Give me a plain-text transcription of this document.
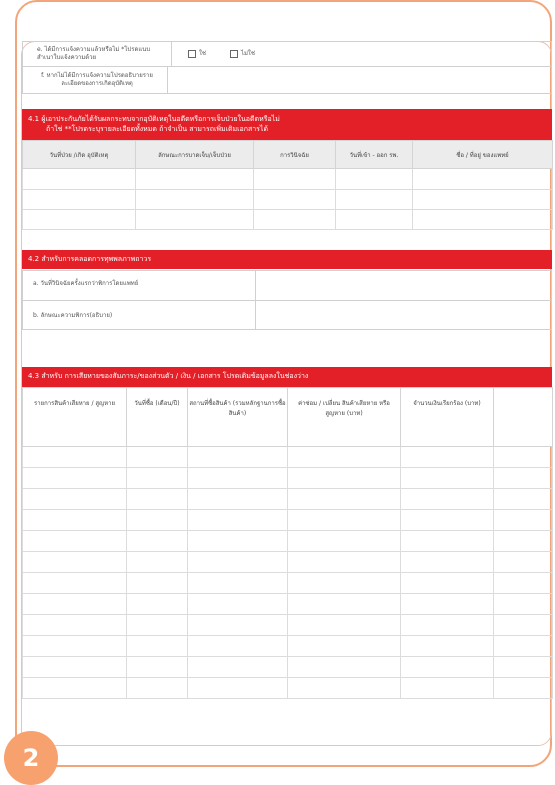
e. ได้มีการแจ้งความแล้วหรือไม่ *โปรดแนบสำเนาใบแจ้งความด้วย	ใช่	ไม่ใช่
f. หากไม่ได้มีการแจ้งความโปรดอธิบายรายละเอียดของการเกิดอุบัติเหตุ	
4.1 ผู้เอาประกันภัยได้รับผลกระทบจากอุบัติเหตุในอดีตหรือการเจ็บป่วยในอดีตหรือไม่
ถ้าใช่ **โปรดระบุรายละเอียดทั้งหมด ถ้าจำเป็น สามารถเพิ่มเติมเอกสารได้
วันที่ป่วย /เกิด อุบัติเหตุ	ลักษณะการบาดเจ็บ/เจ็บป่วย	การวินิจฉัย	วันที่เข้า - ออก รพ.	ชื่อ / ที่อยู่ ของแพทย์

4.2 สำหรับการคลอดการทุพพลภาพถาวร
a. วันที่วินิจฉัยครั้งแรกว่าพิการโดยแพทย์	
b. ลักษณะความพิการ(อธิบาย)	
4.3 สำหรับ การเสียหายของสัมภาระ/ของส่วนตัว / เงิน / เอกสาร โปรดเติมข้อมูลลงในช่องว่าง
รายการสินค้าเสียหาย / สูญหาย	วันที่ซื้อ (เดือน/ปี)	สถานที่ซื้อสินค้า (รวมหลักฐานการซื้อสินค้า)	ค่าซ่อม / เปลี่ยน สินค้าเสียหาย หรือ สูญหาย (บาท)	จำนวนเงินเรียกร้อง (บาท)	

2
